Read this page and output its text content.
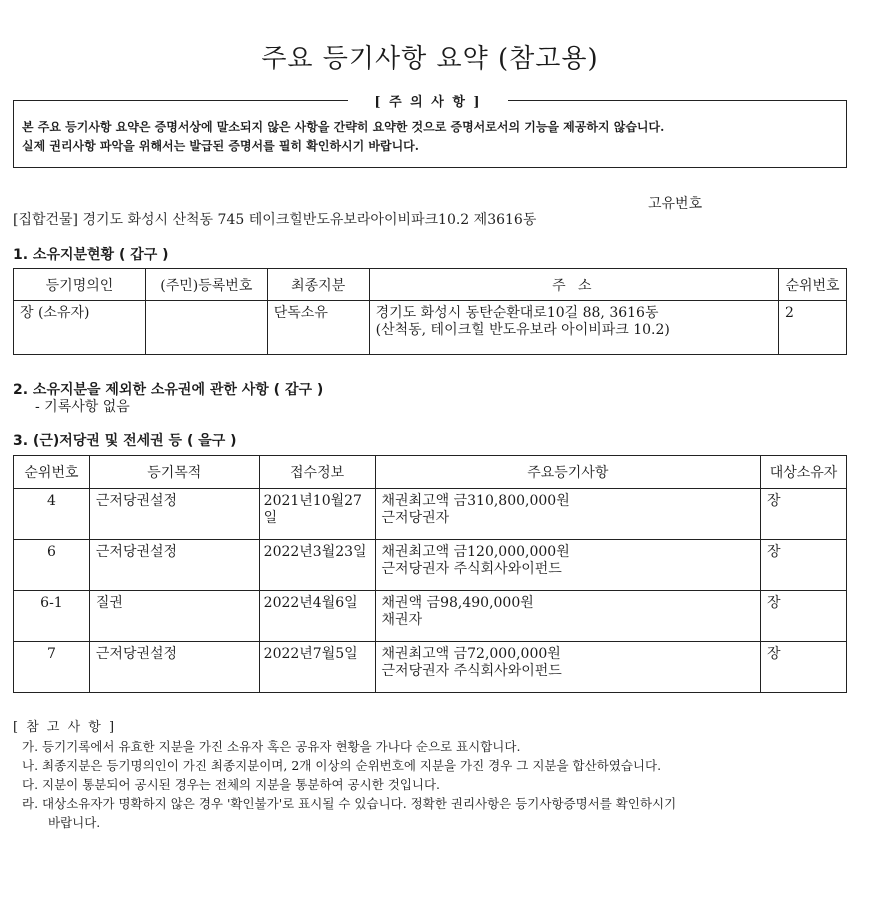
주요 등기사항 요약 (참고용)
[ 주 의 사 항 ]
본 주요 등기사항 요약은 증명서상에 말소되지 않은 사항을 간략히 요약한 것으로 증명서로서의 기능을 제공하지 않습니다.
실제 권리사항 파악을 위해서는 발급된 증명서를 필히 확인하시기 바랍니다.
고유번호
[집합건물] 경기도 화성시 산척동 745 테이크힐반도유보라아이비파크10.2 제3616동
1. 소유지분현황 ( 갑구 )
등기명의인	(주민)등록번호	최종지분	주 소	순위번호
장 (소유자)		단독소유	경기도 화성시 동탄순환대로10길 88, 3616동
(산척동, 테이크힐 반도유보라 아이비파크 10.2)	2
2. 소유지분을 제외한 소유권에 관한 사항 ( 갑구 )
- 기록사항 없음
3. (근)저당권 및 전세권 등 ( 을구 )
순위번호	등기목적	접수정보	주요등기사항	대상소유자
4	근저당권설정	2021년10월27일	채권최고액 금310,800,000원
근저당권자	장
6	근저당권설정	2022년3월23일	채권최고액 금120,000,000원
근저당권자 주식회사와이펀드	장
6-1	질권	2022년4월6일	채권액 금98,490,000원
채권자	장
7	근저당권설정	2022년7월5일	채권최고액 금72,000,000원
근저당권자 주식회사와이펀드	장
[ 참 고 사 항 ]
가. 등기기록에서 유효한 지분을 가진 소유자 혹은 공유자 현황을 가나다 순으로 표시합니다.
나. 최종지분은 등기명의인이 가진 최종지분이며, 2개 이상의 순위번호에 지분을 가진 경우 그 지분을 합산하였습니다.
다. 지분이 통분되어 공시된 경우는 전체의 지분을 통분하여 공시한 것입니다.
라. 대상소유자가 명확하지 않은 경우 '확인불가'로 표시될 수 있습니다. 정확한 권리사항은 등기사항증명서를 확인하시기
바랍니다.
